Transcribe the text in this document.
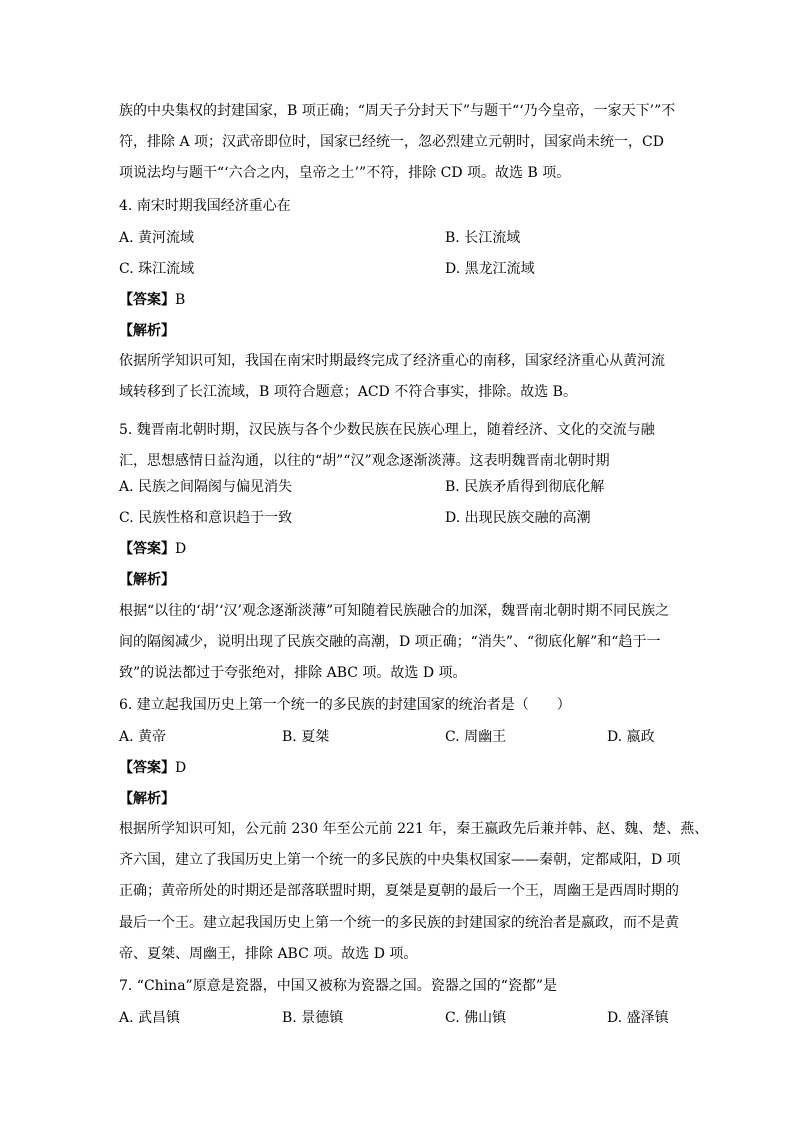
族的中央集权的封建国家，B 项正确；“周天子分封天下”与题干“‘乃今皇帝，一家天下’”不
符，排除 A 项；汉武帝即位时，国家已经统一，忽必烈建立元朝时，国家尚未统一，CD
项说法均与题干“‘六合之内，皇帝之土’”不符，排除 CD 项。故选 B 项。
4. 南宋时期我国经济重心在
A. 黄河流域	B. 长江流域
C. 珠江流域	D. 黑龙江流域
【答案】B
【解析】
依据所学知识可知，我国在南宋时期最终完成了经济重心的南移，国家经济重心从黄河流
域转移到了长江流域，B 项符合题意；ACD 不符合事实，排除。故选 B。
5. 魏晋南北朝时期，汉民族与各个少数民族在民族心理上，随着经济、文化的交流与融
汇，思想感情日益沟通，以往的“胡”“汉”观念逐渐淡薄。这表明魏晋南北朝时期
A. 民族之间隔阂与偏见消失	B. 民族矛盾得到彻底化解
C. 民族性格和意识趋于一致	D. 出现民族交融的高潮
【答案】D
【解析】
根据“以往的‘胡’‘汉’观念逐渐淡薄”可知随着民族融合的加深，魏晋南北朝时期不同民族之
间的隔阂减少，说明出现了民族交融的高潮，D 项正确；“消失”、“彻底化解”和“趋于一
致”的说法都过于夸张绝对，排除 ABC 项。故选 D 项。
6. 建立起我国历史上第一个统一的多民族的封建国家的统治者是（　　）
A. 黄帝	B. 夏桀	C. 周幽王	D. 嬴政
【答案】D
【解析】
根据所学知识可知，公元前 230 年至公元前 221 年，秦王嬴政先后兼并韩、赵、魏、楚、燕、
齐六国，建立了我国历史上第一个统一的多民族的中央集权国家——秦朝，定都咸阳，D 项
正确；黄帝所处的时期还是部落联盟时期，夏桀是夏朝的最后一个王，周幽王是西周时期的
最后一个王。建立起我国历史上第一个统一的多民族的封建国家的统治者是嬴政，而不是黄
帝、夏桀、周幽王，排除 ABC 项。故选 D 项。
7. “China”原意是瓷器，中国又被称为瓷器之国。瓷器之国的“瓷都”是
A. 武昌镇	B. 景德镇	C. 佛山镇	D. 盛泽镇
